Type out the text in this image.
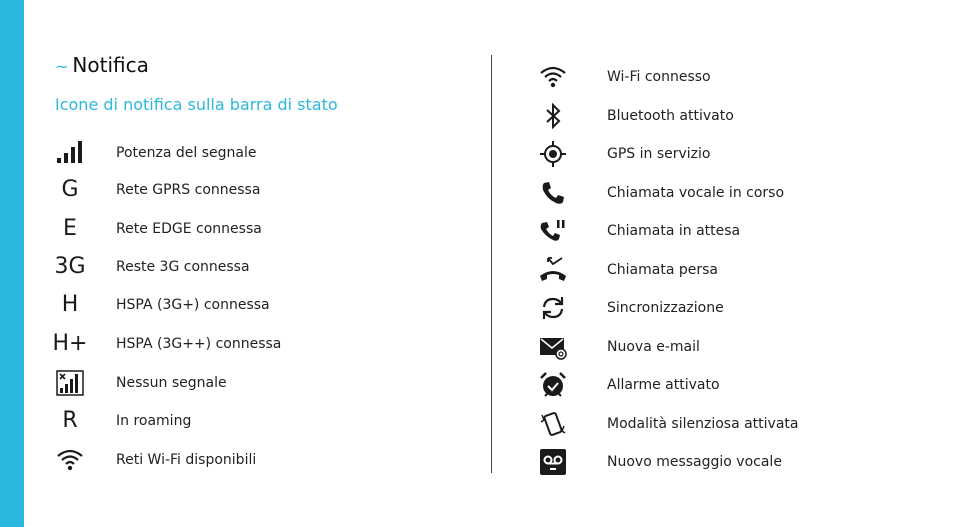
~ Notifica
Icone di notifica sulla barra di stato
Potenza del segnale
G	Rete GPRS connessa
E	Rete EDGE connessa
3G Reste 3G connessa
H	HSPA (3G+) connessa
H+ HSPA (3G++) connessa
Nessun segnale
R	In roaming
Reti Wi-Fi disponibili
Wi-Fi connesso
Bluetooth attivato
GPS in servizio
Chiamata vocale in corso
Chiamata in attesa
Chiamata persa
Sincronizzazione
Nuova e-mail
Allarme attivato
Modalità silenziosa attivata
Nuovo messaggio vocale
